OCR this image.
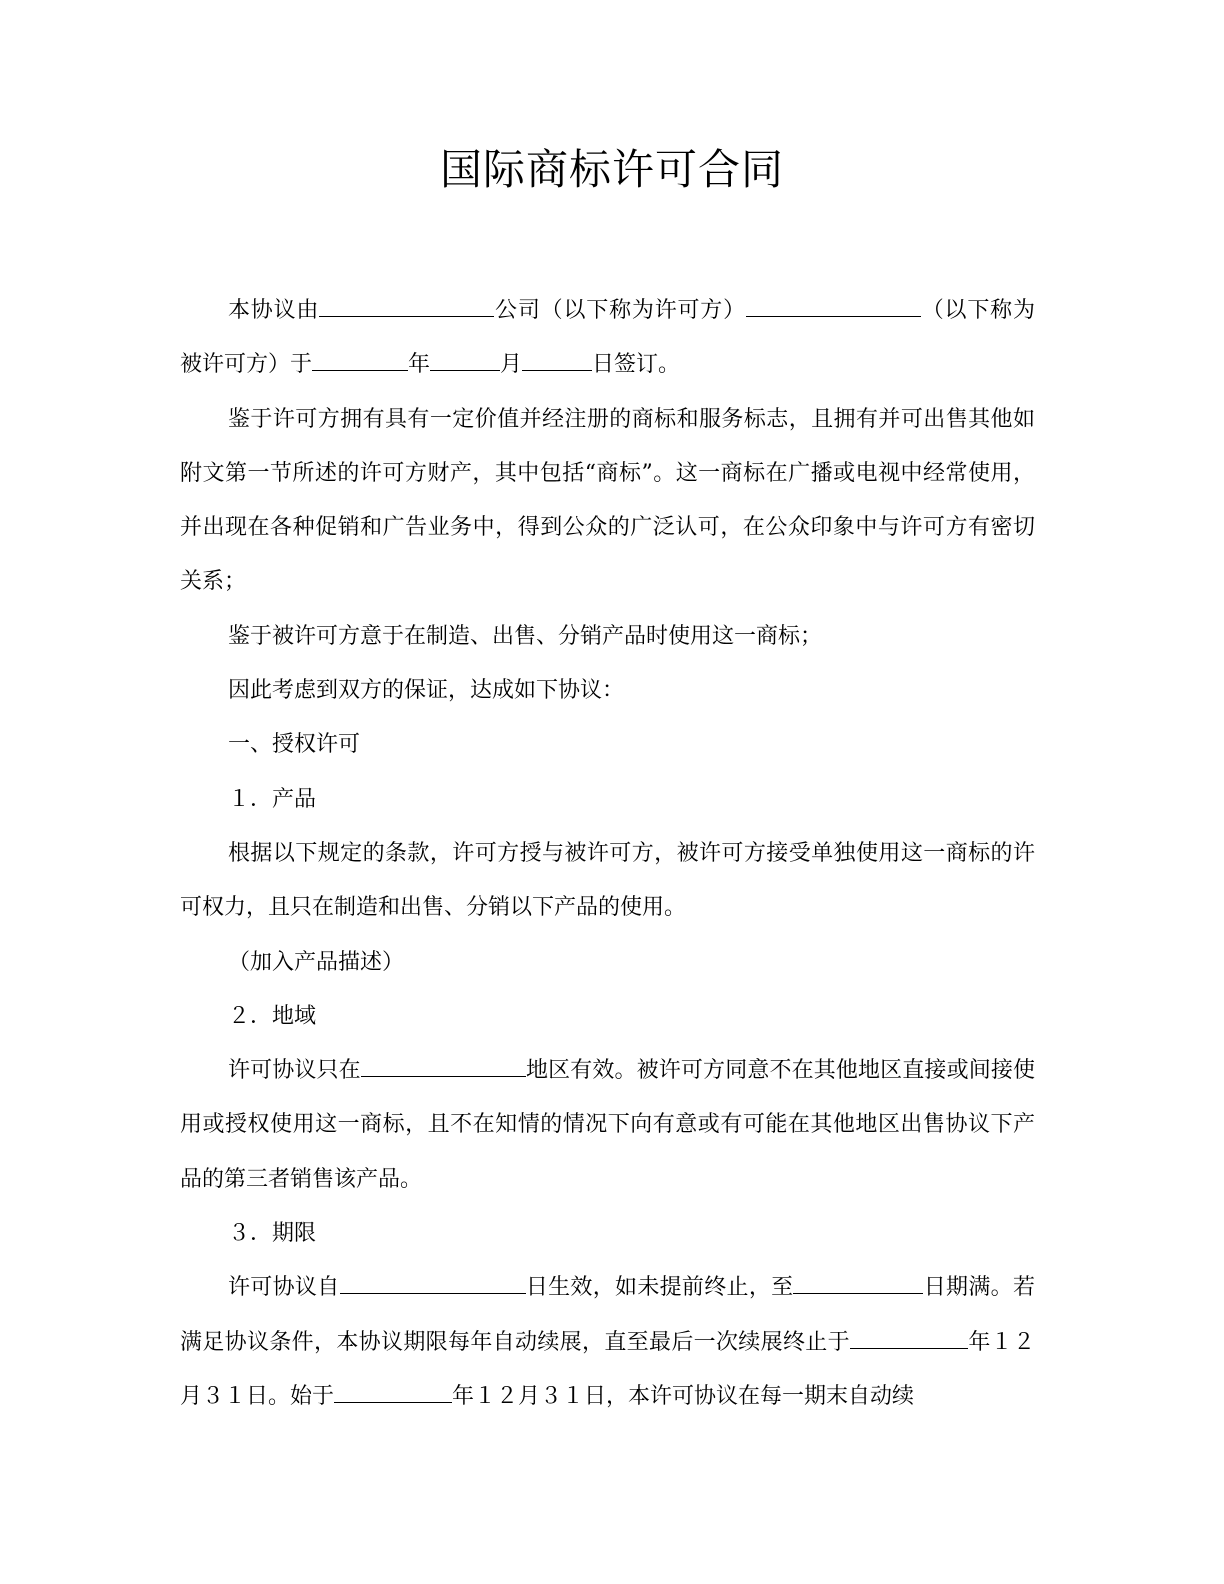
国际商标许可合同

本协议由	公司（以下称为许可方）	（以下称为被许可方）于	年	月	日签订。

鉴于许可方拥有具有一定价值并经注册的商标和服务标志，且拥有并可出售其他如附文第一节所述的许可方财产，其中包括“商标”。这一商标在广播或电视中经常使用，并出现在各种促销和广告业务中，得到公众的广泛认可，在公众印象中与许可方有密切关系；

鉴于被许可方意于在制造、出售、分销产品时使用这一商标；

因此考虑到双方的保证，达成如下协议：

一、授权许可

１．产品

根据以下规定的条款，许可方授与被许可方，被许可方接受单独使用这一商标的许可权力，且只在制造和出售、分销以下产品的使用。

（加入产品描述）

２．地域

许可协议只在	地区有效。被许可方同意不在其他地区直接或间接使用或授权使用这一商标，且不在知情的情况下向有意或有可能在其他地区出售协议下产品的第三者销售该产品。

３．期限

许可协议自	日生效，如未提前终止，至	日期满。若满足协议条件，本协议期限每年自动续展，直至最后一次续展终止于	年１２月３１日。始于	年１２月３１日，本许可协议在每一期末自动续
